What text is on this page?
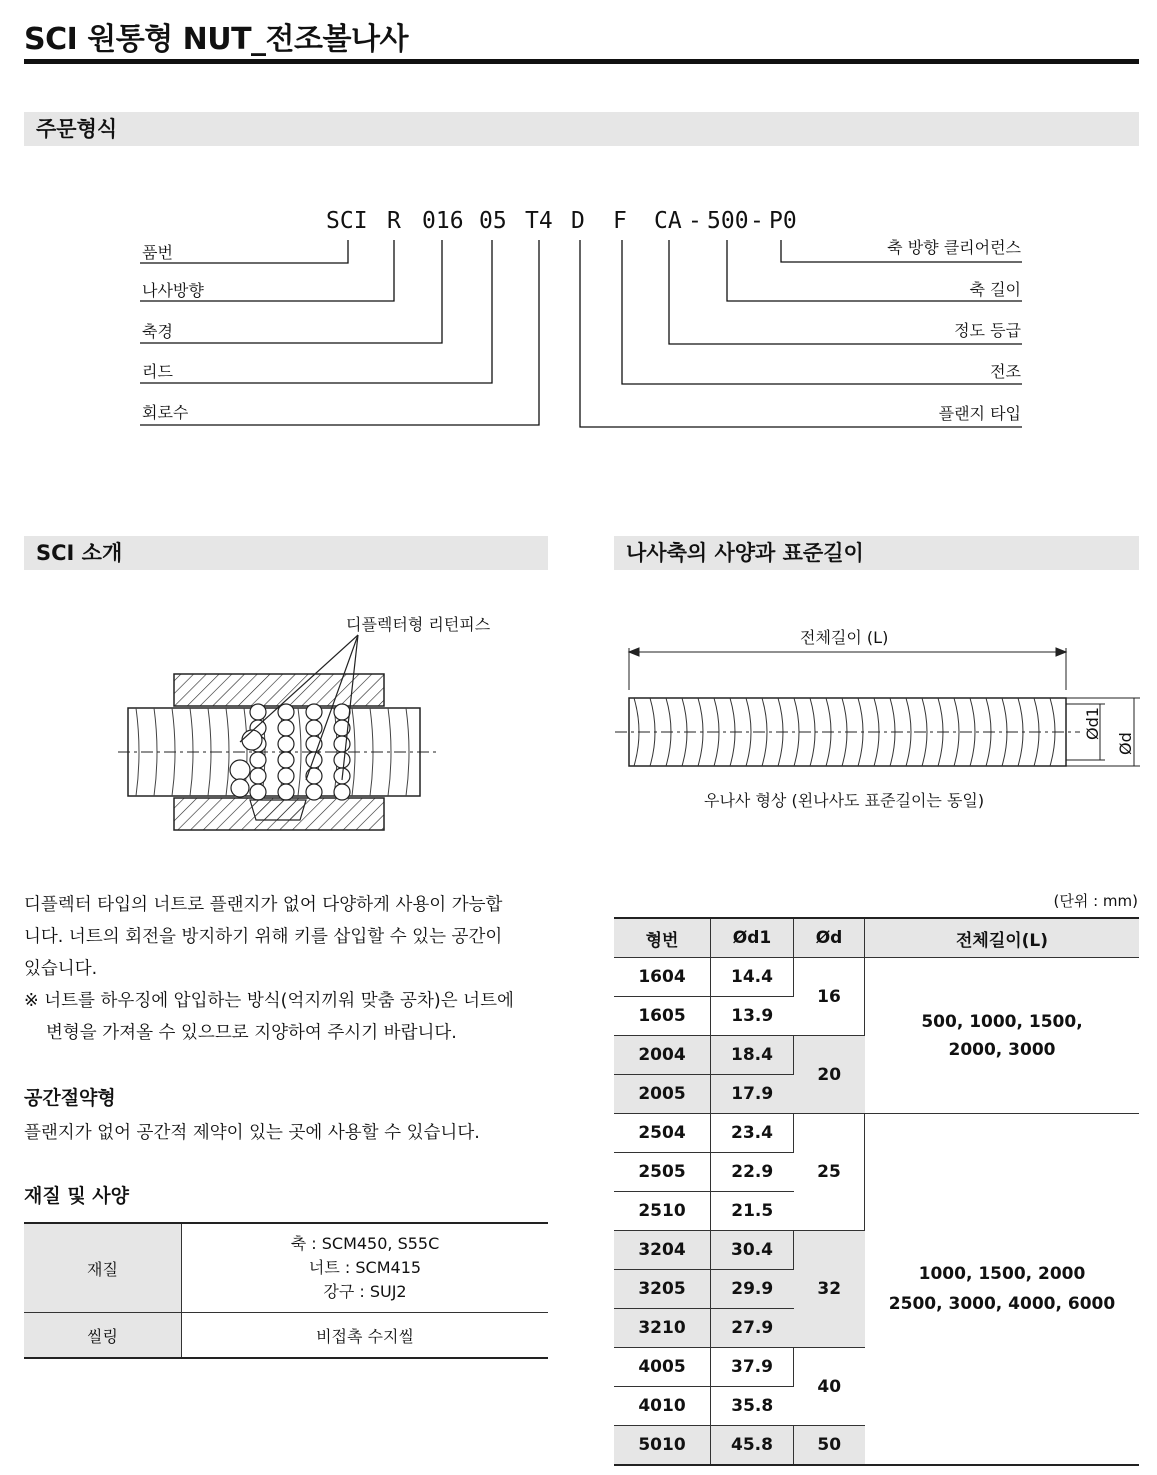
SCI 원통형 NUT_전조볼나사
주문형식
SCI R 016 05 T4 D F CA - 500 - P0
품번
나사방향
축경
리드
회로수
축 방향 클리어런스
축 길이
정도 등급
전조
플랜지 타입
SCI 소개
디플렉터형 리턴피스
디플렉터 타입의 너트로 플랜지가 없어 다양하게 사용이 가능합
니다. 너트의 회전을 방지하기 위해 키를 삽입할 수 있는 공간이
있습니다.
※ 너트를 하우징에 압입하는 방식(억지끼워 맞춤 공차)은 너트에
변형을 가져올 수 있으므로 지양하여 주시기 바랍니다.
공간절약형
플랜지가 없어 공간적 제약이 있는 곳에 사용할 수 있습니다.
재질 및 사양
재질	축 : SCM450, S55C
너트 : SCM415
강구 : SUJ2

씰링	비접촉 수지씰
나사축의 사양과 표준길이
전체길이 (L)
Ød1
Ød
우나사 형상 (왼나사도 표준길이는 동일)
(단위 : mm)
형번	Ød1	Ød	전체길이(L)
1604	14.4	16	500, 1000, 1500,
2000, 3000

1605	13.9		
2004	18.4	20	
2005	17.9		
2504	23.4	25	1000, 1500, 2000
2500, 3000, 4000, 6000

2505	22.9		
2510	21.5		
3204	30.4	32	
3205	29.9		
3210	27.9		
4005	37.9	40	
4010	35.8		
5010	45.8	50	
